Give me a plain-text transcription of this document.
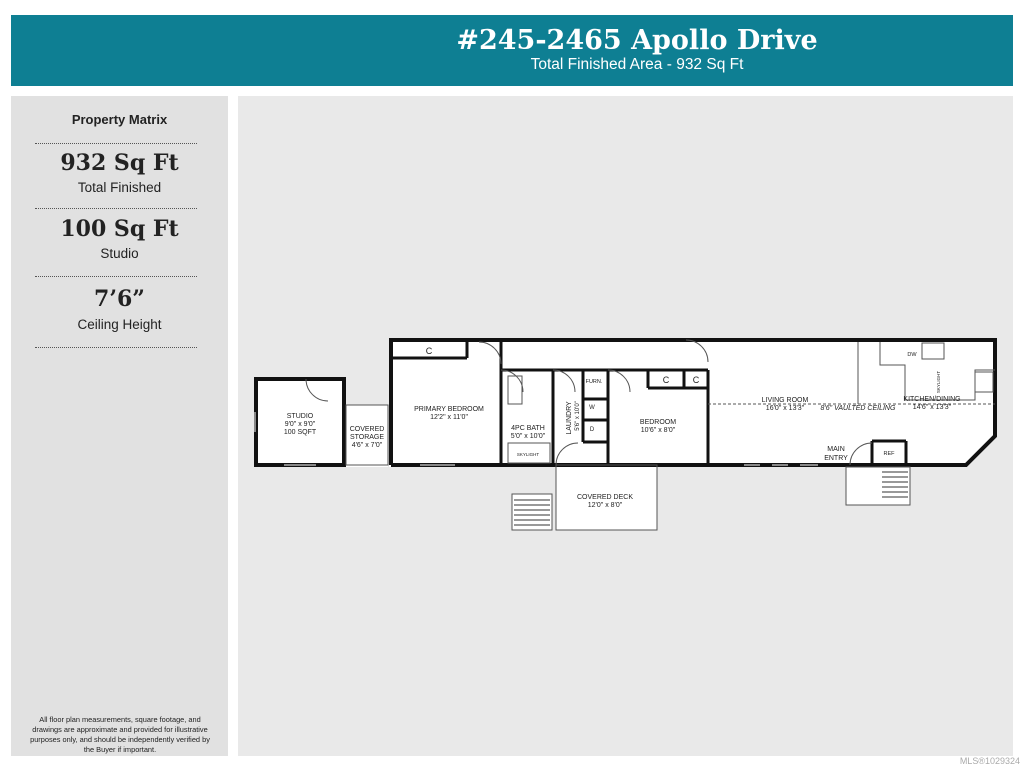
#245-2465 Apollo Drive
Total Finished Area - 932 Sq Ft
Property Matrix
932 Sq Ft
Total Finished
100 Sq Ft
Studio
7’6”
Ceiling Height
All floor plan measurements, square footage, and drawings are approximate and provided for illustrative purposes only, and should be independently verified by the Buyer if important.
STUDIO
9'0" x 9'0"
100 SQFT	COVERED
STORAGE
4'6" x 7'0"
PRIMARY BEDROOM
12'2" x 11'0"
4PC BATH
5'0" x 10'0"
SKYLIGHT
LAUNDRY 5'6" x 10'0" W
D
FURN.
BEDROOM
10'6" x 8'0"
LIVING ROOM
16'0" x 13'3" 8'6" VAULTED CEILING
KITCHEN/DINING
14'6" x 13'3"
DW
SKYLIGHT
REF
MAIN
ENTRY
COVERED DECK
12'0" x 8'0"
C
C	C
MLS®1029324
